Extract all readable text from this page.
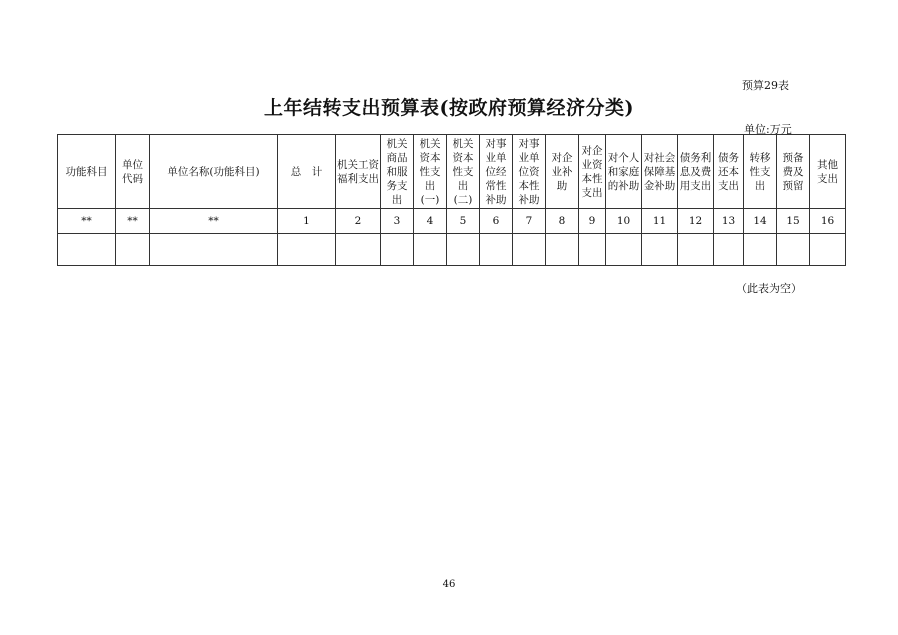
预算29表
上年结转支出预算表(按政府预算经济分类)
单位:万元
功能科目	单位代码	单位名称(功能科目)	总　计	机关工资福利支出	机关商品和服务支出	机关资本性支出(一)	机关资本性支出(二)	对事业单位经常性补助	对事业单位资本性补助	对企业补助	对企业资本性支出	对个人和家庭的补助	对社会保障基金补助	债务利息及费用支出	债务还本支出	转移性支出	预备费及预留	其他支出
**	**	**	1	2	3	4	5	6	7	8	9	10	11	12	13	14	15	16

（此表为空）
46
